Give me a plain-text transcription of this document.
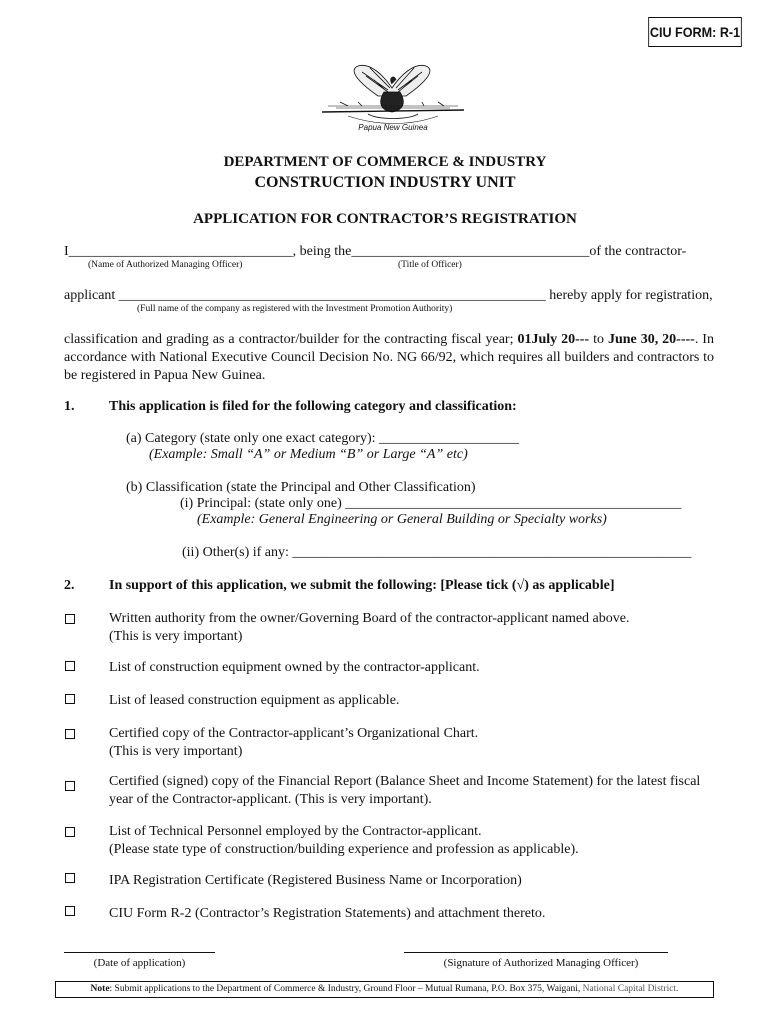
CIU FORM: R-1
Papua New Guinea
DEPARTMENT OF COMMERCE & INDUSTRY
CONSTRUCTION INDUSTRY UNIT
APPLICATION FOR CONTRACTOR’S REGISTRATION
I________________________________, being the__________________________________of the contractor-
(Name of Authorized Managing Officer)	(Title of Officer)
applicant _____________________________________________________________ hereby apply for registration,
(Full name of the company as registered with the Investment Promotion Authority)
classification and grading as a contractor/builder for the contracting fiscal year; 01July 20--- to June 30, 20----. In accordance with National Executive Council Decision No. NG 66/92, which requires all builders and contractors to be registered in Papua New Guinea.
1. This application is filed for the following category and classification:
(a) Category (state only one exact category): ____________________
(Example: Small “A” or Medium “B” or Large “A” etc)
(b) Classification (state the Principal and Other Classification)
(i) Principal: (state only one) ________________________________________________
(Example: General Engineering or General Building or Specialty works)
(ii) Other(s) if any: _________________________________________________________
2. In support of this application, we submit the following: [Please tick (√) as applicable]
Written authority from the owner/Governing Board of the contractor-applicant named above.
(This is very important)
List of construction equipment owned by the contractor-applicant.
List of leased construction equipment as applicable.
Certified copy of the Contractor-applicant’s Organizational Chart.
(This is very important)
Certified (signed) copy of the Financial Report (Balance Sheet and Income Statement) for the latest fiscal
year of the Contractor-applicant. (This is very important).
List of Technical Personnel employed by the Contractor-applicant.
(Please state type of construction/building experience and profession as applicable).
IPA Registration Certificate (Registered Business Name or Incorporation)
CIU Form R-2 (Contractor’s Registration Statements) and attachment thereto.
(Date of application)	(Signature of Authorized Managing Officer)
Note: Submit applications to the Department of Commerce & Industry, Ground Floor – Mutual Rumana, P.O. Box 375, Waigani, National Capital District.
